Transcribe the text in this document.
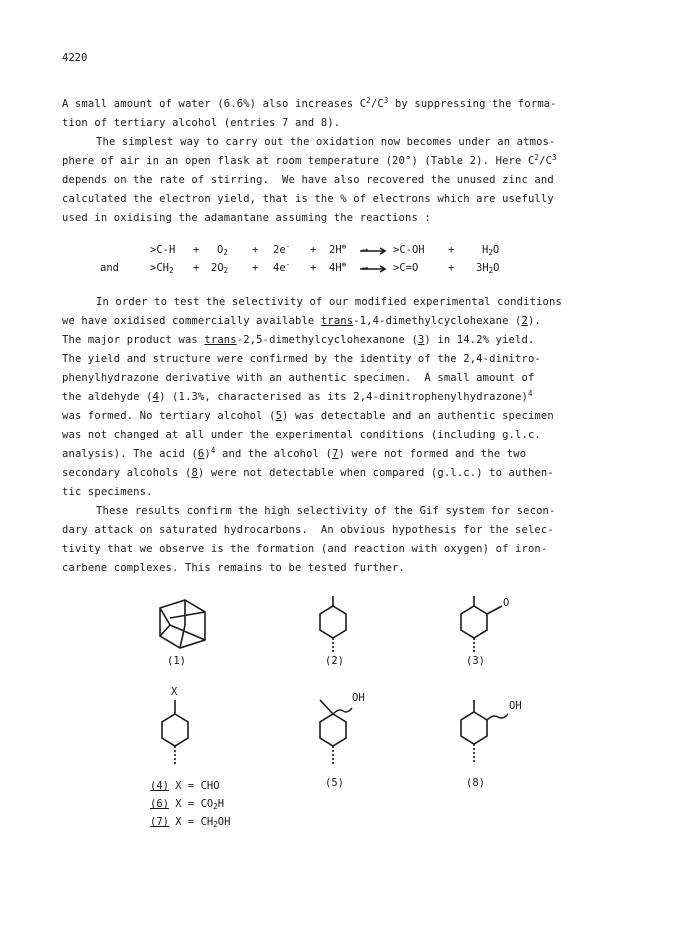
4220
A small amount of water (6.6%) also increases $C^2/C^3$ by suppressing the forma-
tion of tertiary alcohol (entries 7 and 8).
The simplest way to carry out the oxidation now becomes under an atmos-
phere of air in an open flask at room temperature (20°) (Table 2). Here $C^2/C^3$
depends on the rate of stirring.  We have also recovered the unused zinc and
calculated the electron yield, that is the % of electrons which are usefully
used in oxidising the adamantane assuming the reactions :
$>C-H + O_2 + 2e^- + 2H^\oplus \to >C-OH$ +	$H_2O$
and	$>CH_2 + 2O_2 + 4e^- + 4H^\oplus \to >C=O$	+ $3H_2O$
In order to test the selectivity of our modified experimental conditions
we have oxidised commercially available trans-1,4-dimethylcyclohexane (2).
The major product was trans-2,5-dimethylcyclohexanone (3) in 14.2% yield.
The yield and structure were confirmed by the identity of the 2,4-dinitro-
phenylhydrazone derivative with an authentic specimen.  A small amount of
the aldehyde (4) (1.3%, characterised as its 2,4-dinitrophenylhydrazone)$^4$
was formed. No tertiary alcohol (5) was detectable and an authentic specimen
was not changed at all under the experimental conditions (including g.l.c.
analysis). The acid $(6)^4$ and the alcohol (7) were not formed and the two
secondary alcohols (8) were not detectable when compared (g.l.c.) to authen-
tic specimens.
These results confirm the high selectivity of the Gif system for secon-
dary attack on saturated hydrocarbons.  An obvious hypothesis for the selec-
tivity that we observe is the formation (and reaction with oxygen) of iron-
carbene complexes. This remains to be tested further.
(1)	(2)	(3)
O
X	OH
OH
(5)	(8)
(4) X = CHO
(6) $X = CO_2H$
(7) $X = CH_2OH$
